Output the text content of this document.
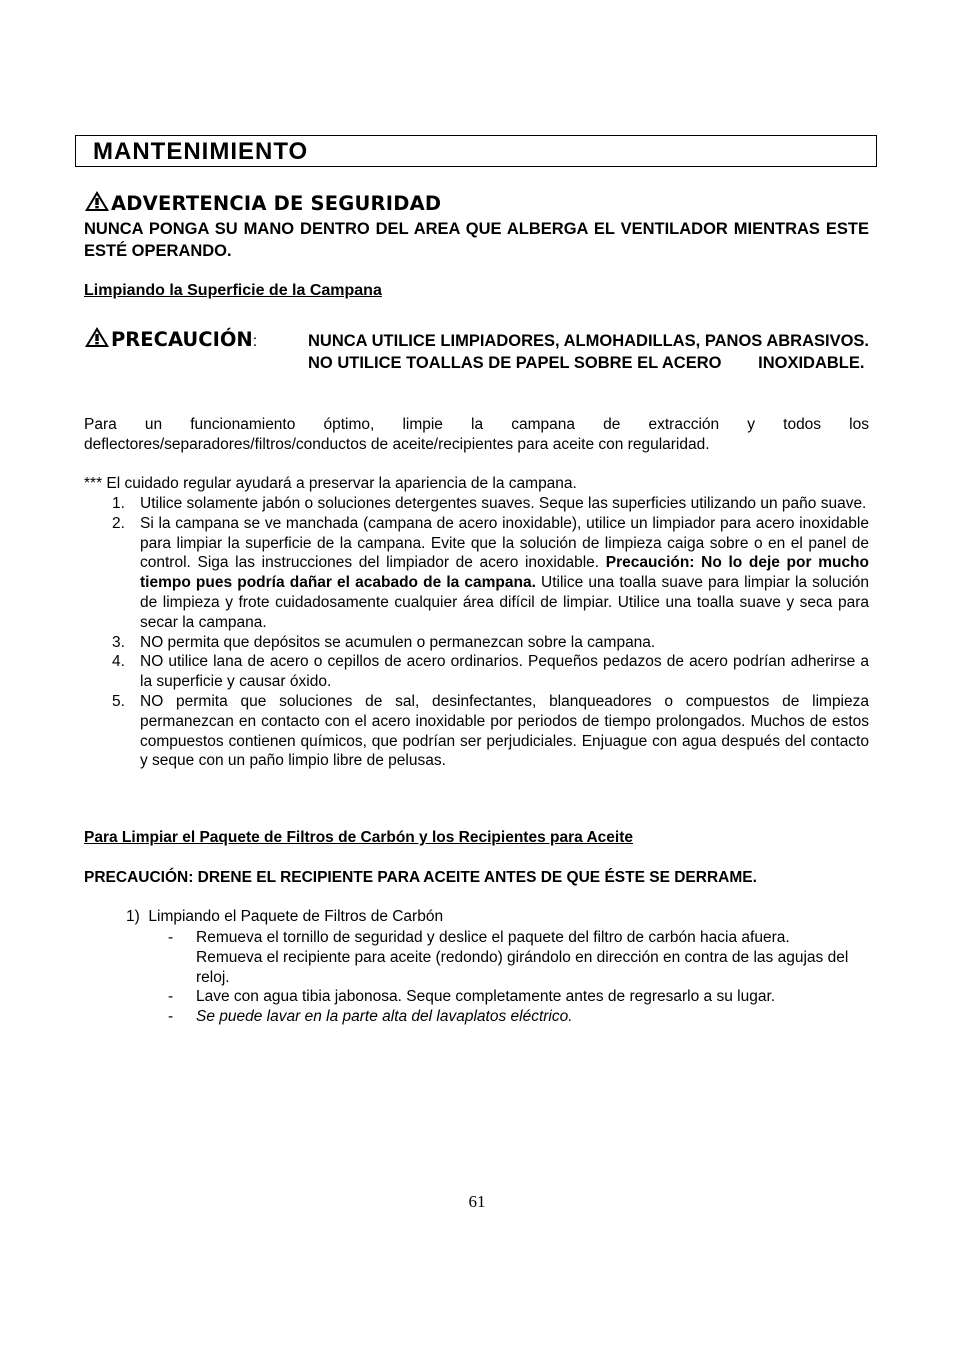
MANTENIMIENTO
ADVERTENCIA DE SEGURIDAD
NUNCA PONGA SU MANO DENTRO DEL AREA QUE ALBERGA EL VENTILADOR MIENTRAS ESTE ESTÉ OPERANDO.
Limpiando la Superficie de la Campana
PRECAUCIÓN:	NUNCA UTILICE LIMPIADORES, ALMOHADILLAS, PANOS ABRASIVOS. NO UTILICE TOALLAS DE PAPEL SOBRE EL ACERO        INOXIDABLE.
Para un funcionamiento óptimo, limpie la campana de extracción y todos los
deflectores/separadores/filtros/conductos de aceite/recipientes para aceite con regularidad.
*** El cuidado regular ayudará a preservar la apariencia de la campana.
1. Utilice solamente jabón o soluciones detergentes suaves. Seque las superficies utilizando un paño suave.
2. Si la campana se ve manchada (campana de acero inoxidable), utilice un limpiador para acero inoxidable para limpiar la superficie de la campana. Evite que la solución de limpieza caiga sobre o en el panel de control. Siga las instrucciones del limpiador de acero inoxidable. Precaución: No lo deje por mucho tiempo pues podría dañar el acabado de la campana. Utilice una toalla suave para limpiar la solución de limpieza y frote cuidadosamente cualquier área difícil de limpiar. Utilice una toalla suave y seca para secar la campana.
3. NO permita que depósitos se acumulen o permanezcan sobre la campana.
4. NO utilice lana de acero o cepillos de acero ordinarios. Pequeños pedazos de acero podrían adherirse a la superficie y causar óxido.
5. NO permita que soluciones de sal, desinfectantes, blanqueadores o compuestos de limpieza permanezcan en contacto con el acero inoxidable por periodos de tiempo prolongados. Muchos de estos compuestos contienen químicos, que podrían ser perjudiciales. Enjuague con agua después del contacto y seque con un paño limpio libre de pelusas.
Para Limpiar el Paquete de Filtros de Carbón y los Recipientes para Aceite
PRECAUCIÓN: DRENE EL RECIPIENTE PARA ACEITE ANTES DE QUE ÉSTE SE DERRAME.
1)  Limpiando el Paquete de Filtros de Carbón
- Remueva el tornillo de seguridad y deslice el paquete del filtro de carbón hacia afuera. Remueva el recipiente para aceite (redondo) girándolo en dirección en contra de las agujas del reloj.
- Lave con agua tibia jabonosa. Seque completamente antes de regresarlo a su lugar.
- Se puede lavar en la parte alta del lavaplatos eléctrico.
61
